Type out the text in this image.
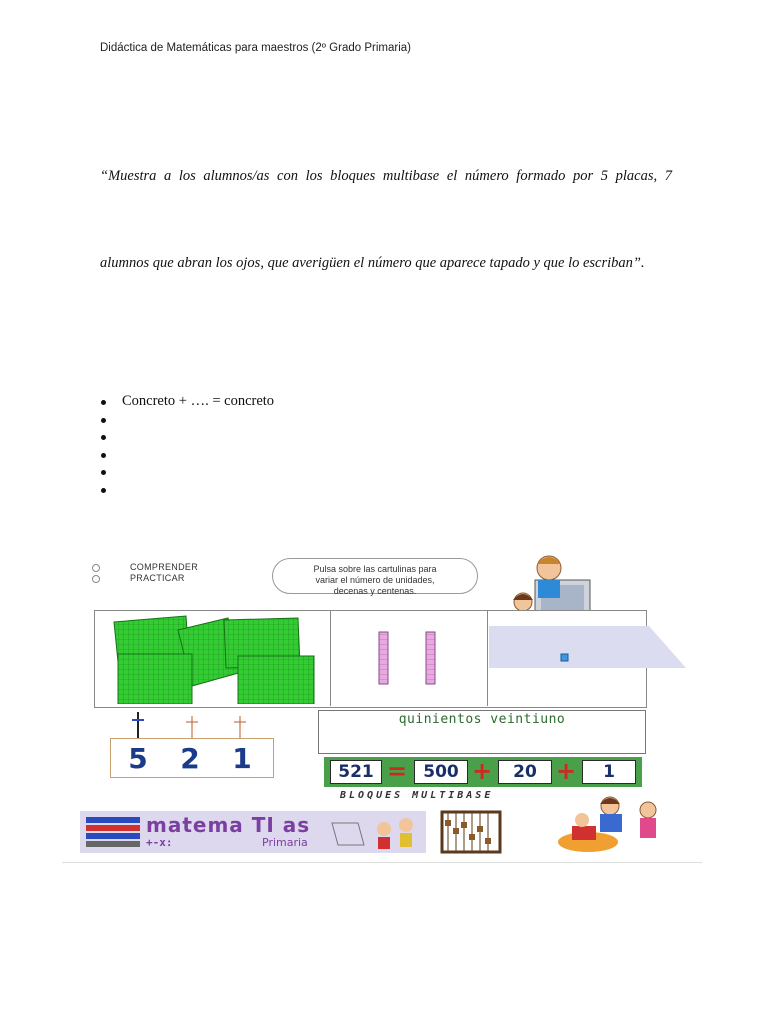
Didáctica de Matemáticas para maestros (2º Grado Primaria)
“Muestra a los alumnos/as con los bloques multibase el número formado por 5 placas, 7
alumnos que abran los ojos, que averigüen el número que aparece tapado y que lo escriban”.
Concreto + …. = concreto
COMPRENDER
PRACTICAR
Pulsa sobre las cartulinas para
variar el número de unidades,
decenas y centenas.
quinientos veintiuno
5	2	1	521 = 500 +	20 +	1
BLOQUES MULTIBASE
matema TI as
+-x:	Primaria
